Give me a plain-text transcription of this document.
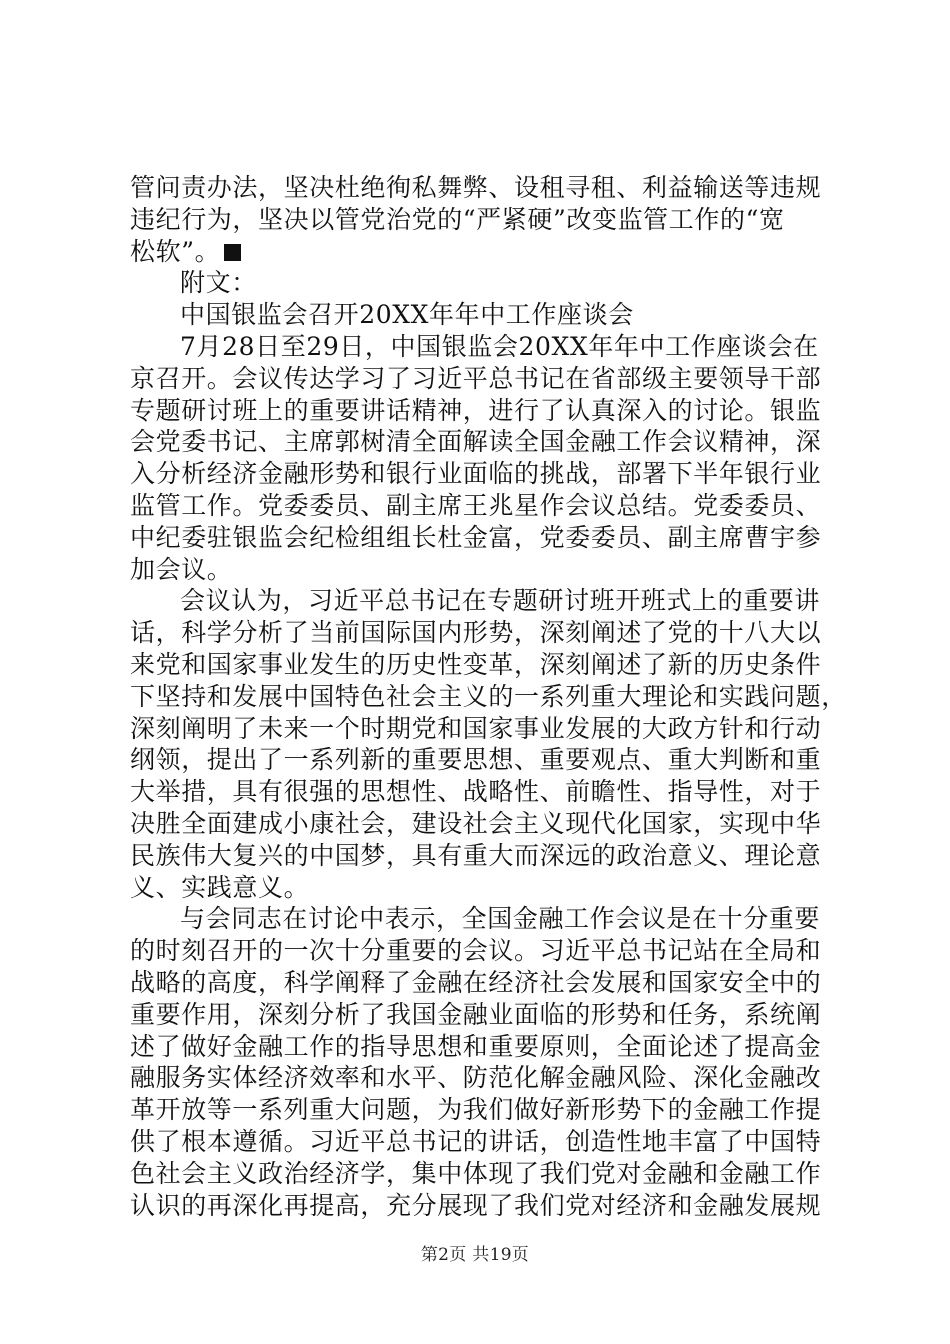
管问责办法，坚决杜绝徇私舞弊、设租寻租、利益输送等违规
违纪行为，坚决以管党治党的“严紧硬”改变监管工作的“宽
松软”。
附文：
中国银监会召开20XX年年中工作座谈会
7月28日至29日，中国银监会20XX年年中工作座谈会在
京召开。会议传达学习了习近平总书记在省部级主要领导干部
专题研讨班上的重要讲话精神，进行了认真深入的讨论。银监
会党委书记、主席郭树清全面解读全国金融工作会议精神，深
入分析经济金融形势和银行业面临的挑战，部署下半年银行业
监管工作。党委委员、副主席王兆星作会议总结。党委委员、
中纪委驻银监会纪检组组长杜金富，党委委员、副主席曹宇参
加会议。
会议认为，习近平总书记在专题研讨班开班式上的重要讲
话，科学分析了当前国际国内形势，深刻阐述了党的十八大以
来党和国家事业发生的历史性变革，深刻阐述了新的历史条件
下坚持和发展中国特色社会主义的一系列重大理论和实践问题，
深刻阐明了未来一个时期党和国家事业发展的大政方针和行动
纲领，提出了一系列新的重要思想、重要观点、重大判断和重
大举措，具有很强的思想性、战略性、前瞻性、指导性，对于
决胜全面建成小康社会，建设社会主义现代化国家，实现中华
民族伟大复兴的中国梦，具有重大而深远的政治意义、理论意
义、实践意义。
与会同志在讨论中表示，全国金融工作会议是在十分重要
的时刻召开的一次十分重要的会议。习近平总书记站在全局和
战略的高度，科学阐释了金融在经济社会发展和国家安全中的
重要作用，深刻分析了我国金融业面临的形势和任务，系统阐
述了做好金融工作的指导思想和重要原则，全面论述了提高金
融服务实体经济效率和水平、防范化解金融风险、深化金融改
革开放等一系列重大问题，为我们做好新形势下的金融工作提
供了根本遵循。习近平总书记的讲话，创造性地丰富了中国特
色社会主义政治经济学，集中体现了我们党对金融和金融工作
认识的再深化再提高，充分展现了我们党对经济和金融发展规
第2页 共19页
